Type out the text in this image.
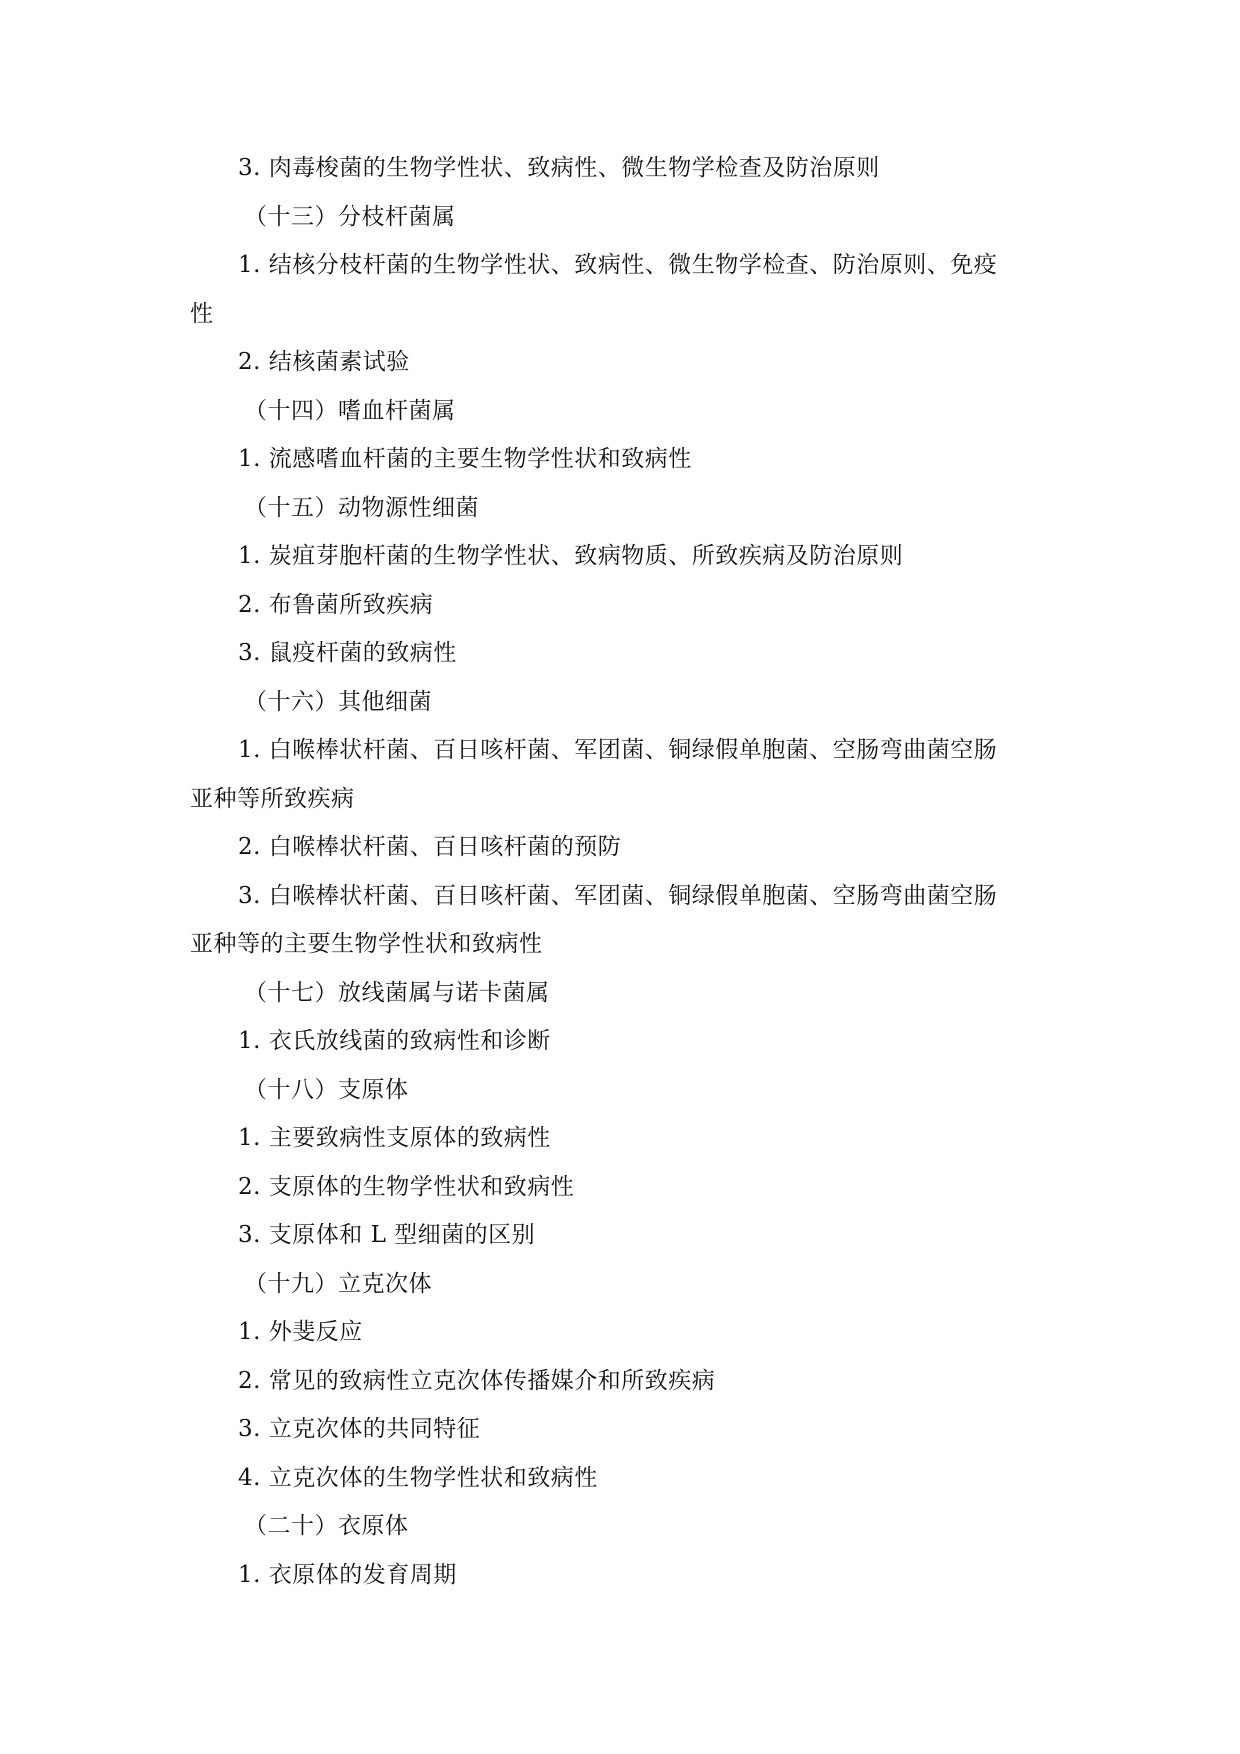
3. 肉毒梭菌的生物学性状、致病性、微生物学检查及防治原则
（十三）分枝杆菌属
1. 结核分枝杆菌的生物学性状、致病性、微生物学检查、防治原则、免疫
性
2. 结核菌素试验
（十四）嗜血杆菌属
1. 流感嗜血杆菌的主要生物学性状和致病性
（十五）动物源性细菌
1. 炭疽芽胞杆菌的生物学性状、致病物质、所致疾病及防治原则
2. 布鲁菌所致疾病
3. 鼠疫杆菌的致病性
（十六）其他细菌
1. 白喉棒状杆菌、百日咳杆菌、军团菌、铜绿假单胞菌、空肠弯曲菌空肠
亚种等所致疾病
2. 白喉棒状杆菌、百日咳杆菌的预防
3. 白喉棒状杆菌、百日咳杆菌、军团菌、铜绿假单胞菌、空肠弯曲菌空肠
亚种等的主要生物学性状和致病性
（十七）放线菌属与诺卡菌属
1. 衣氏放线菌的致病性和诊断
（十八）支原体
1. 主要致病性支原体的致病性
2. 支原体的生物学性状和致病性
3. 支原体和 L 型细菌的区别
（十九）立克次体
1. 外斐反应
2. 常见的致病性立克次体传播媒介和所致疾病
3. 立克次体的共同特征
4. 立克次体的生物学性状和致病性
（二十）衣原体
1. 衣原体的发育周期
